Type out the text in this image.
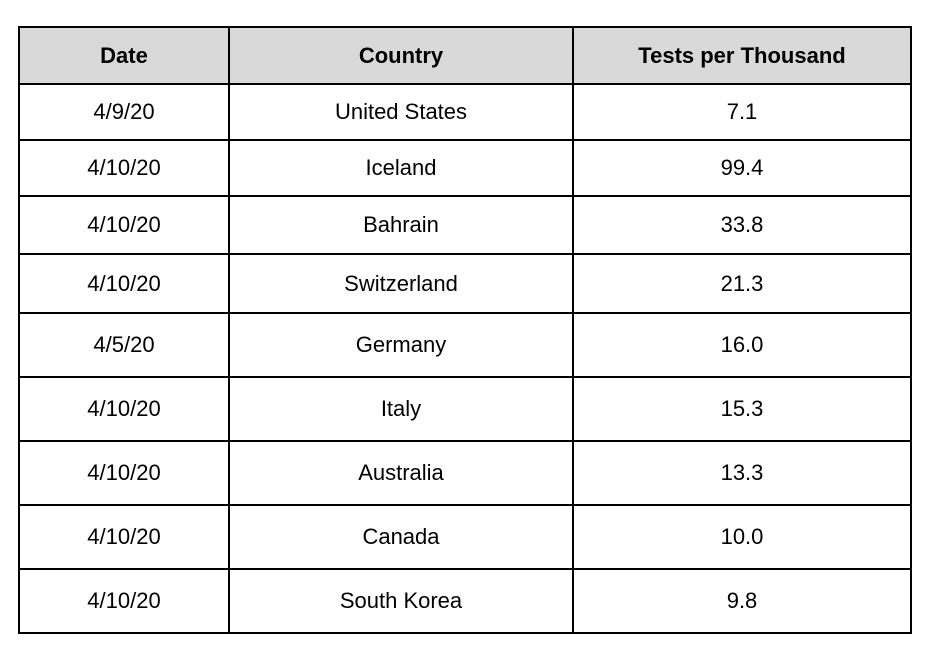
Date	Country	Tests per Thousand
4/9/20	United States	7.1
4/10/20	Iceland	99.4
4/10/20	Bahrain	33.8
4/10/20	Switzerland	21.3
4/5/20	Germany	16.0
4/10/20	Italy	15.3
4/10/20	Australia	13.3
4/10/20	Canada	10.0
4/10/20	South Korea	9.8
